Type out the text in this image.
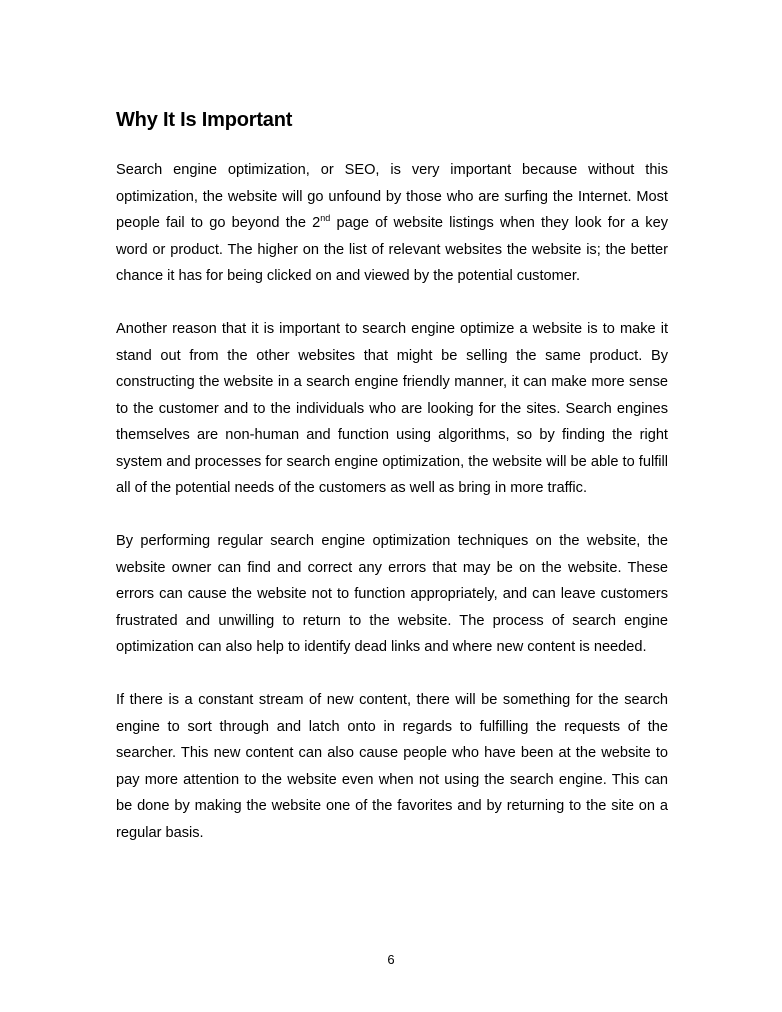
Why It Is Important

Search engine optimization, or SEO, is very important because without this optimization, the website will go unfound by those who are surfing the Internet. Most people fail to go beyond the 2nd page of website listings when they look for a key word or product. The higher on the list of relevant websites the website is; the better chance it has for being clicked on and viewed by the potential customer.

Another reason that it is important to search engine optimize a website is to make it stand out from the other websites that might be selling the same product. By constructing the website in a search engine friendly manner, it can make more sense to the customer and to the individuals who are looking for the sites. Search engines themselves are non-human and function using algorithms, so by finding the right system and processes for search engine optimization, the website will be able to fulfill all of the potential needs of the customers as well as bring in more traffic.

By performing regular search engine optimization techniques on the website, the website owner can find and correct any errors that may be on the website. These errors can cause the website not to function appropriately, and can leave customers frustrated and unwilling to return to the website. The process of search engine optimization can also help to identify dead links and where new content is needed.

If there is a constant stream of new content, there will be something for the search engine to sort through and latch onto in regards to fulfilling the requests of the searcher. This new content can also cause people who have been at the website to pay more attention to the website even when not using the search engine. This can be done by making the website one of the favorites and by returning to the site on a regular basis.

6
